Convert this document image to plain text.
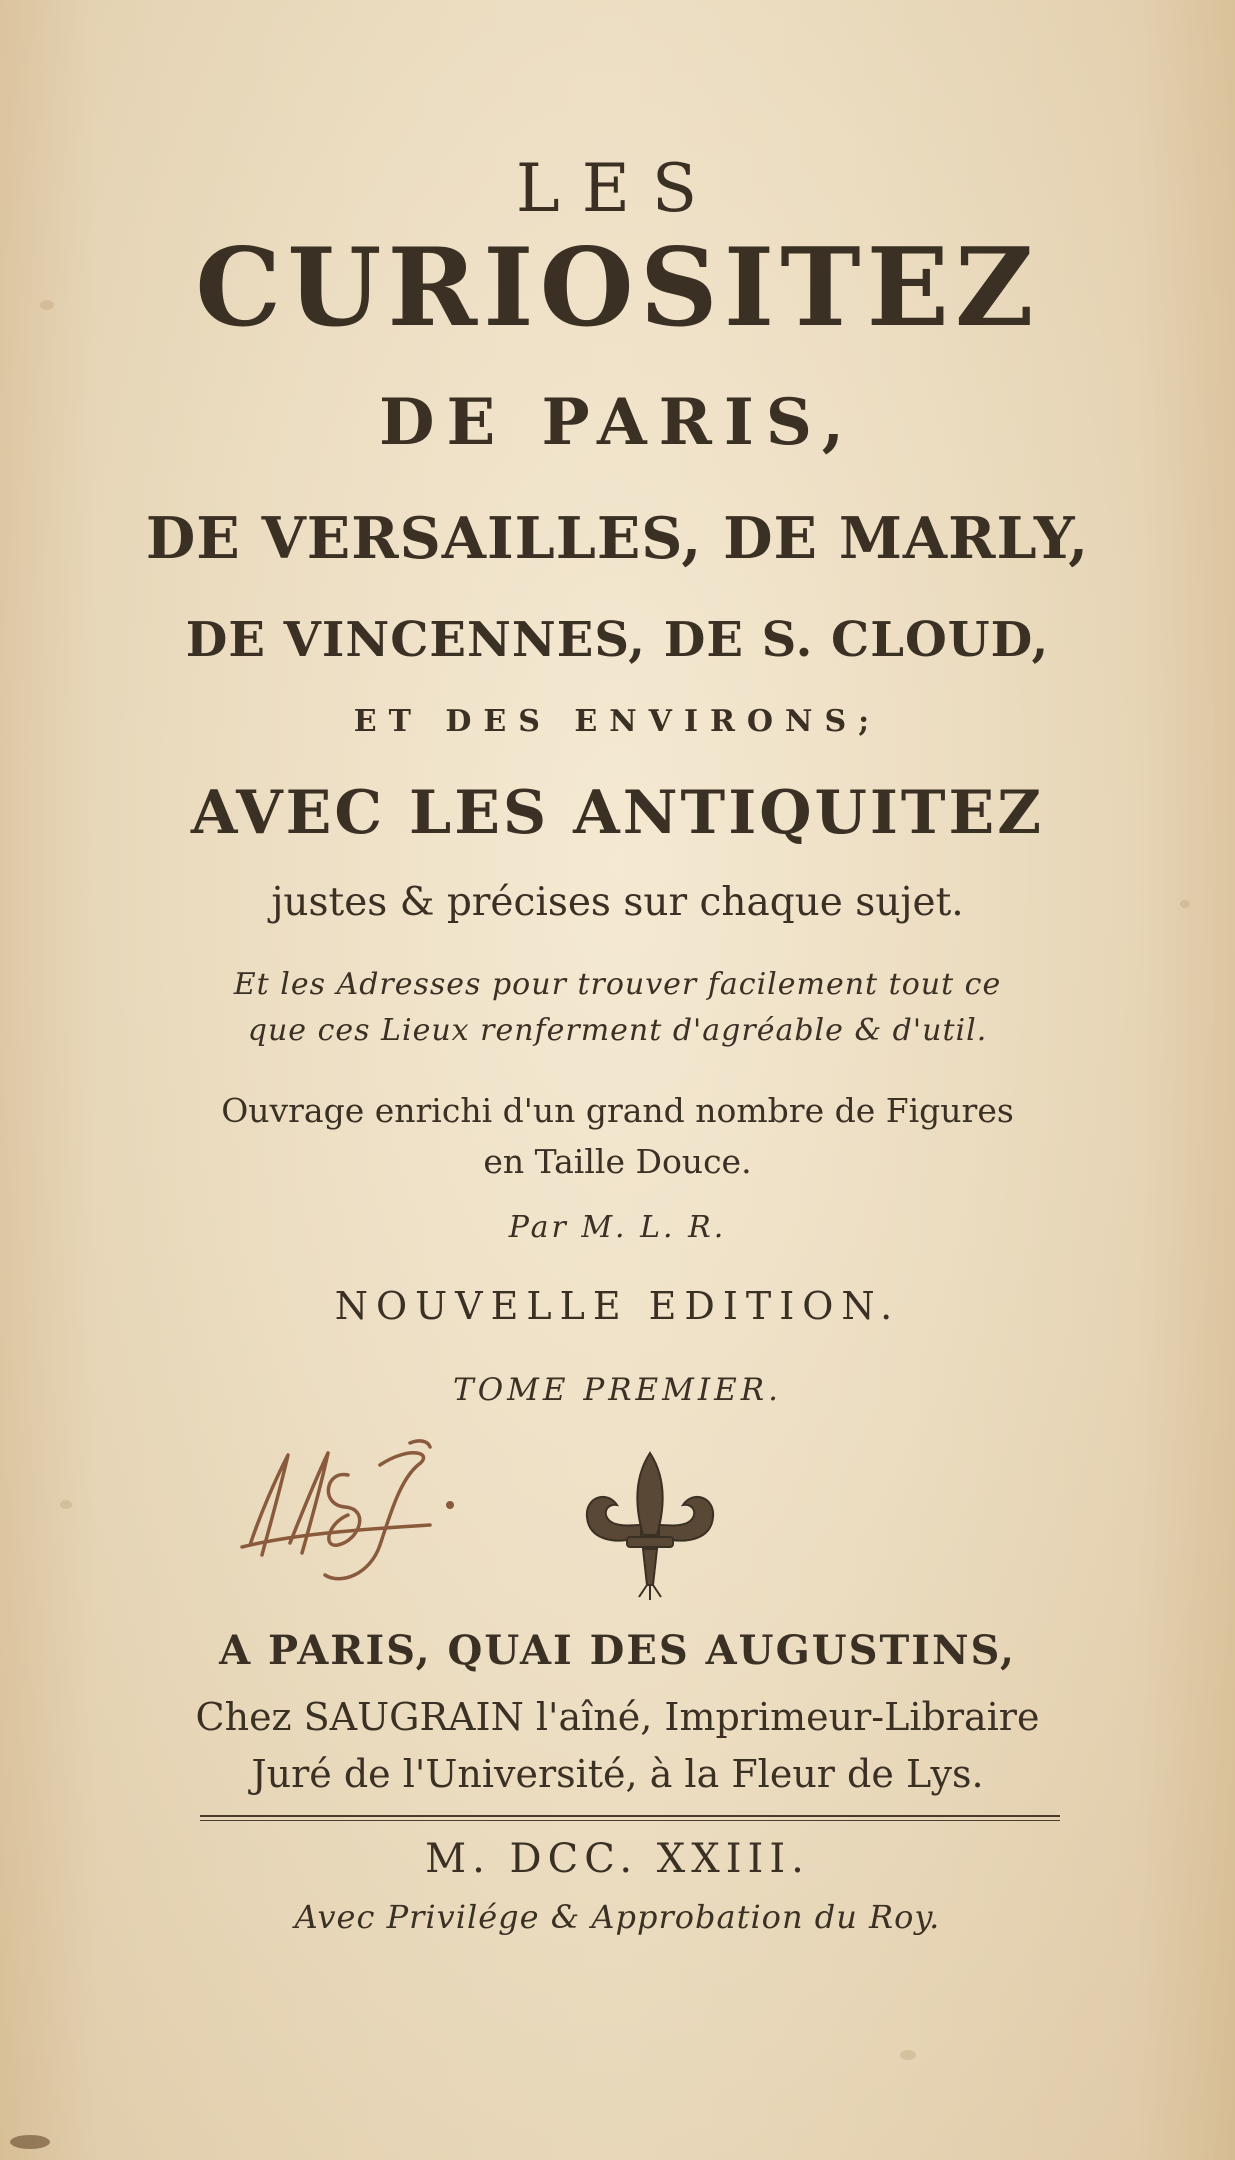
LES
CURIOSITEZ
DE PARIS,
DE VERSAILLES, DE MARLY,
DE VINCENNES, DE S. CLOUD,
ET DES ENVIRONS;
AVEC LES ANTIQUITEZ
justes & précises sur chaque sujet.
Et les Adresses pour trouver facilement tout ce
que ces Lieux renferment d'agréable & d'util.
Ouvrage enrichi d'un grand nombre de Figures
en Taille Douce.
Par M. L. R.
NOUVELLE EDITION.
TOME PREMIER.
A PARIS, QUAI DES AUGUSTINS,
Chez SAUGRAIN l'aîné, Imprimeur-Libraire
Juré de l'Université, à la Fleur de Lys.
M. DCC. XXIII.
Avec Privilége & Approbation du Roy.
